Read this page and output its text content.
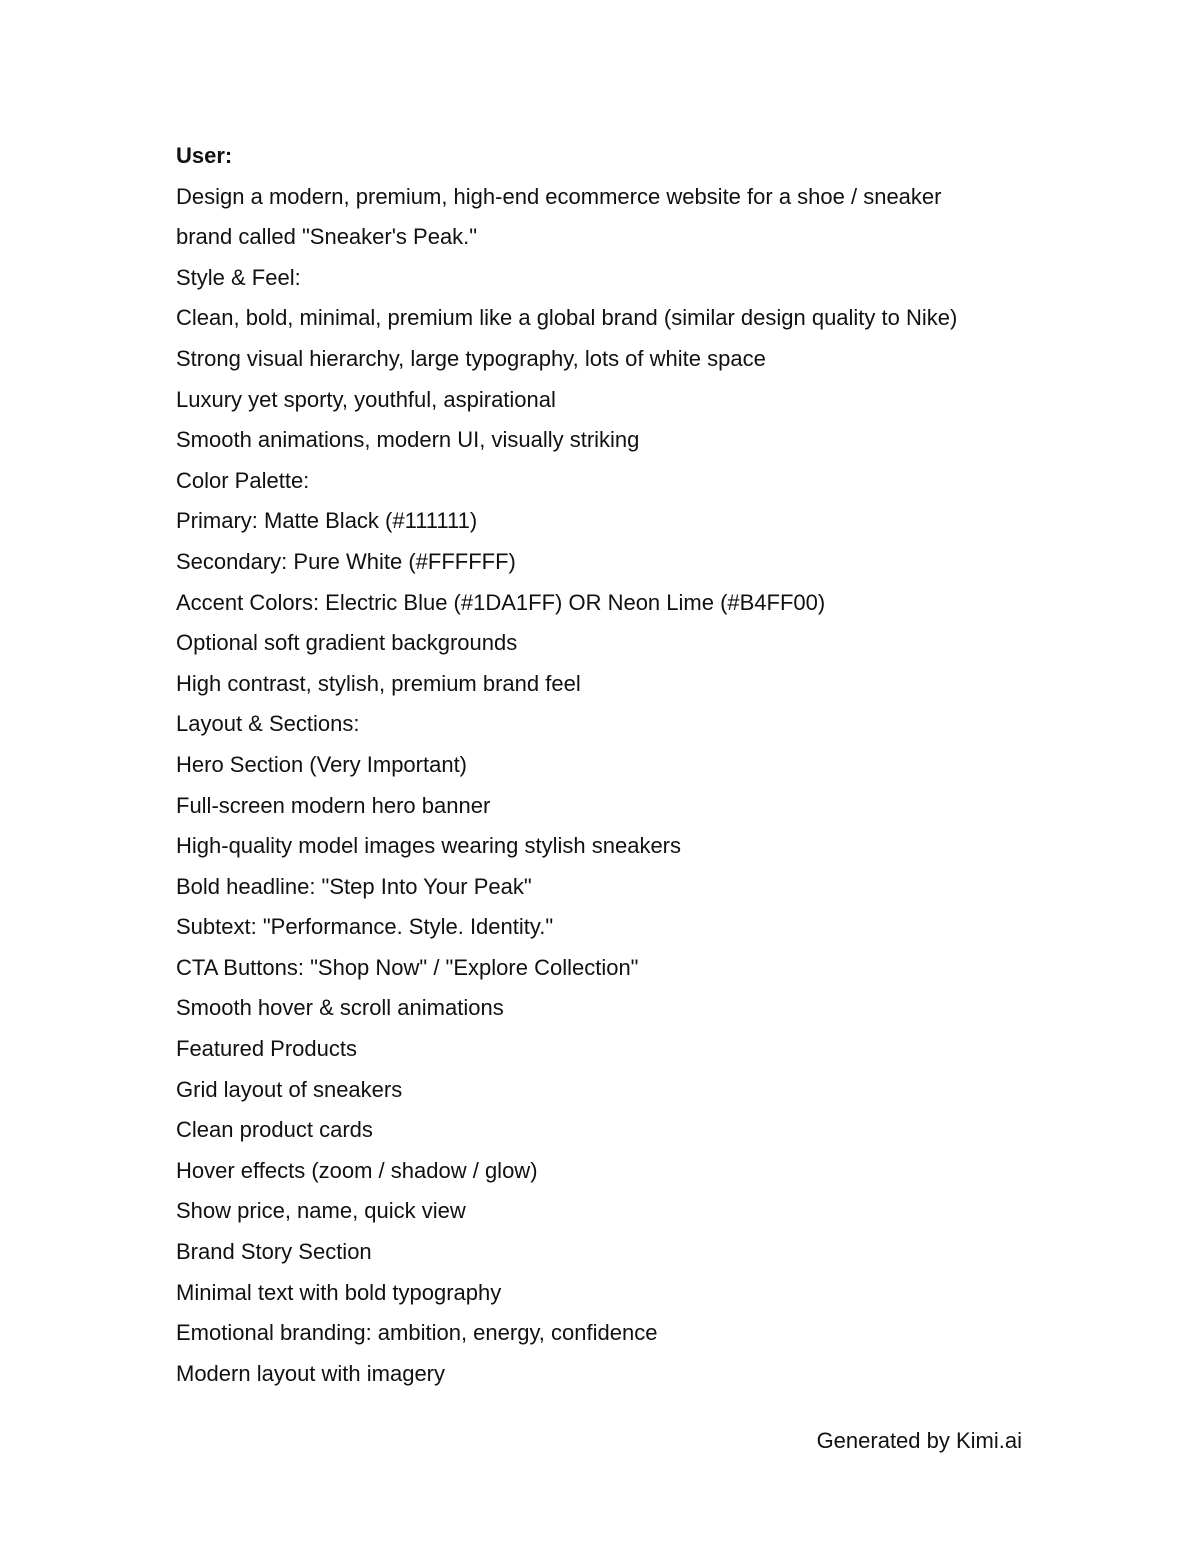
User:

Design a modern, premium, high-end ecommerce website for a shoe / sneaker

brand called "Sneaker's Peak."

Style & Feel:

Clean, bold, minimal, premium like a global brand (similar design quality to Nike)

Strong visual hierarchy, large typography, lots of white space

Luxury yet sporty, youthful, aspirational

Smooth animations, modern UI, visually striking

Color Palette:

Primary: Matte Black (#111111)

Secondary: Pure White (#FFFFFF)

Accent Colors: Electric Blue (#1DA1FF) OR Neon Lime (#B4FF00)

Optional soft gradient backgrounds

High contrast, stylish, premium brand feel

Layout & Sections:

Hero Section (Very Important)

Full-screen modern hero banner

High-quality model images wearing stylish sneakers

Bold headline: "Step Into Your Peak"

Subtext: "Performance. Style. Identity."

CTA Buttons: "Shop Now" / "Explore Collection"

Smooth hover & scroll animations

Featured Products

Grid layout of sneakers

Clean product cards

Hover effects (zoom / shadow / glow)

Show price, name, quick view

Brand Story Section

Minimal text with bold typography

Emotional branding: ambition, energy, confidence

Modern layout with imagery

Generated by Kimi.ai
